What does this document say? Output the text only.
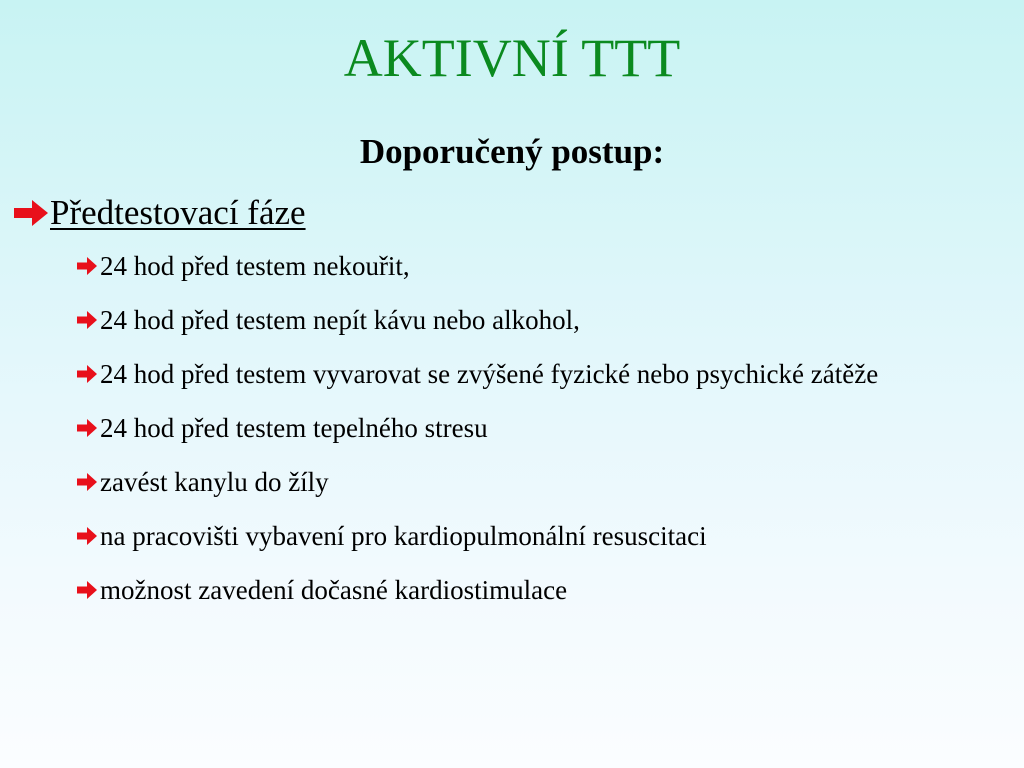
AKTIVNÍ TTT
Doporučený postup:
Předtestovací fáze
24 hod před testem nekouřit,
24 hod před testem nepít kávu nebo alkohol,
24 hod před testem vyvarovat se zvýšené fyzické nebo psychické zátěže
24 hod před testem tepelného stresu
zavést kanylu do žíly
na pracovišti vybavení pro kardiopulmonální resuscitaci
možnost zavedení dočasné kardiostimulace
